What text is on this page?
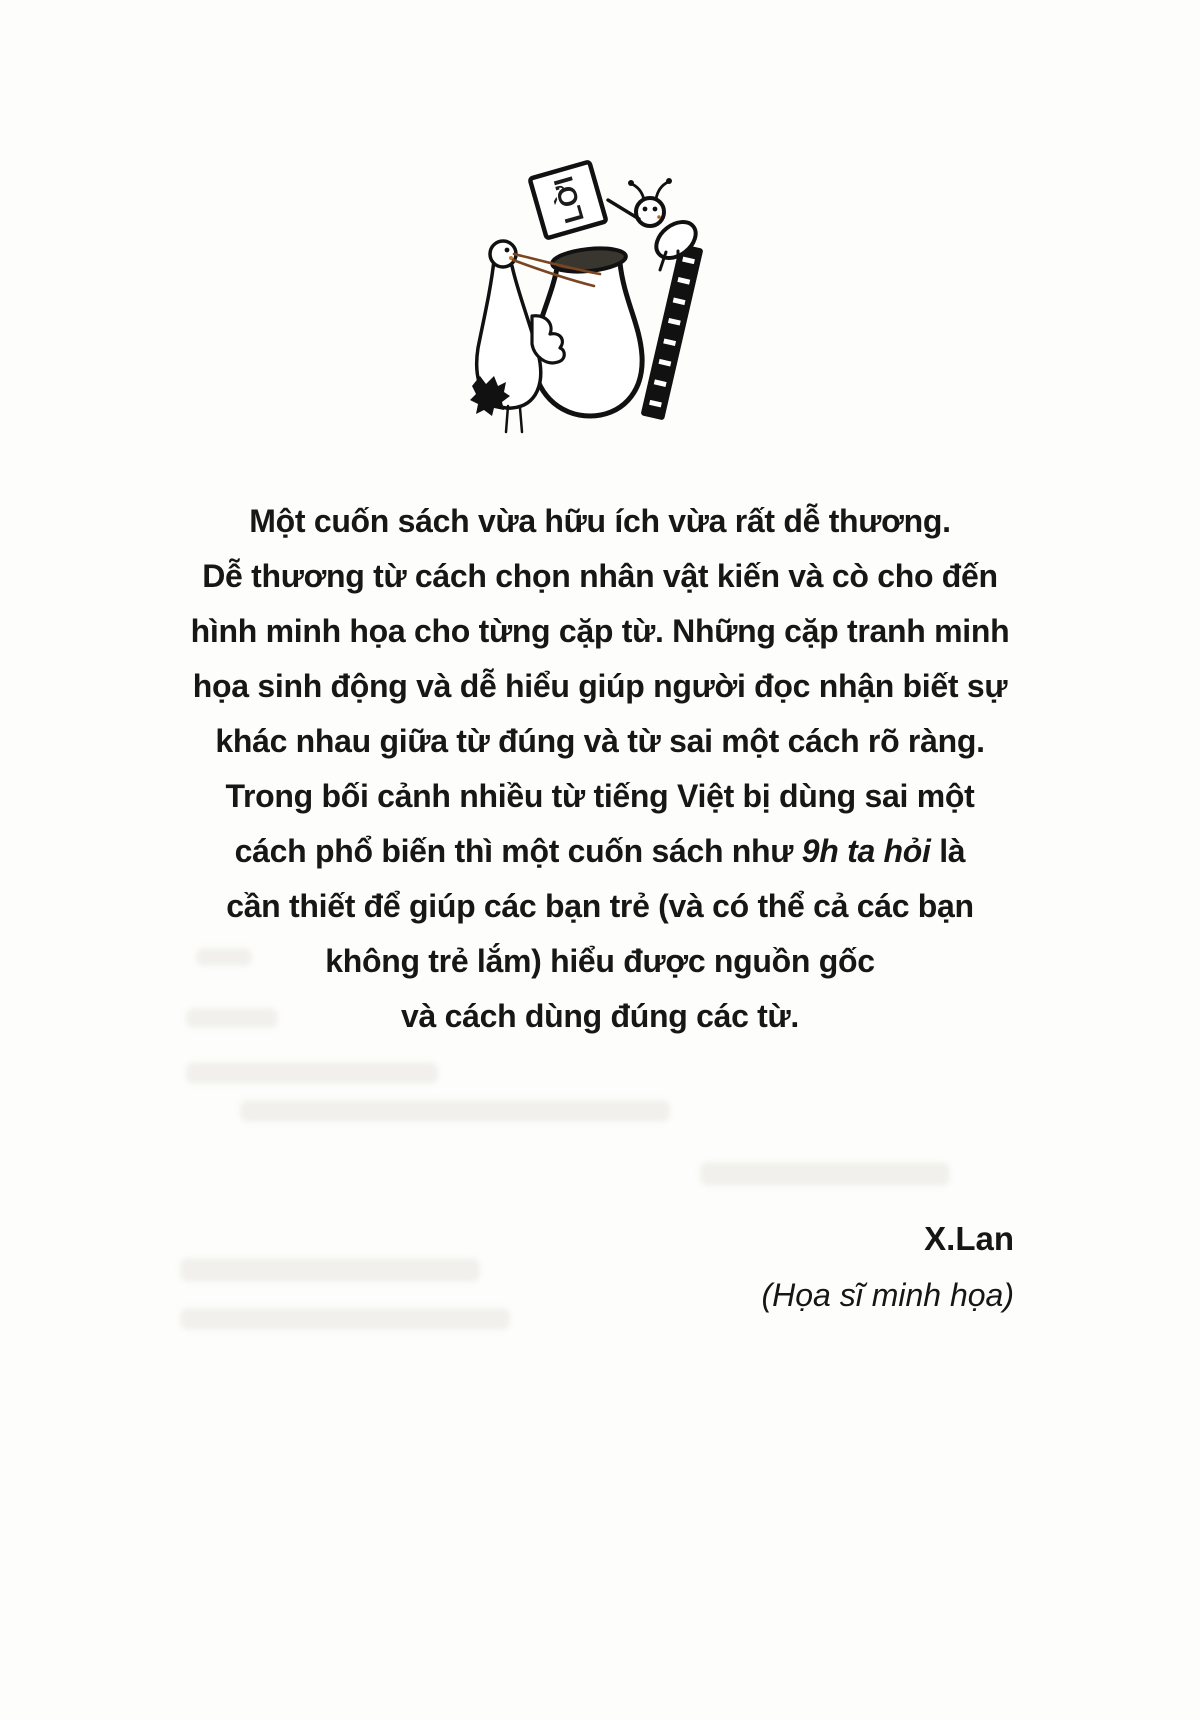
LỜI

Một cuốn sách vừa hữu ích vừa rất dễ thương.

Dễ thương từ cách chọn nhân vật kiến và cò cho đến

hình minh họa cho từng cặp từ. Những cặp tranh minh

họa sinh động và dễ hiểu giúp người đọc nhận biết sự

khác nhau giữa từ đúng và từ sai một cách rõ ràng.

Trong bối cảnh nhiều từ tiếng Việt bị dùng sai một

cách phổ biến thì một cuốn sách như 9h ta hỏi là

cần thiết để giúp các bạn trẻ (và có thể cả các bạn

không trẻ lắm) hiểu được nguồn gốc

và cách dùng đúng các từ.

X.Lan

(Họa sĩ minh họa)
